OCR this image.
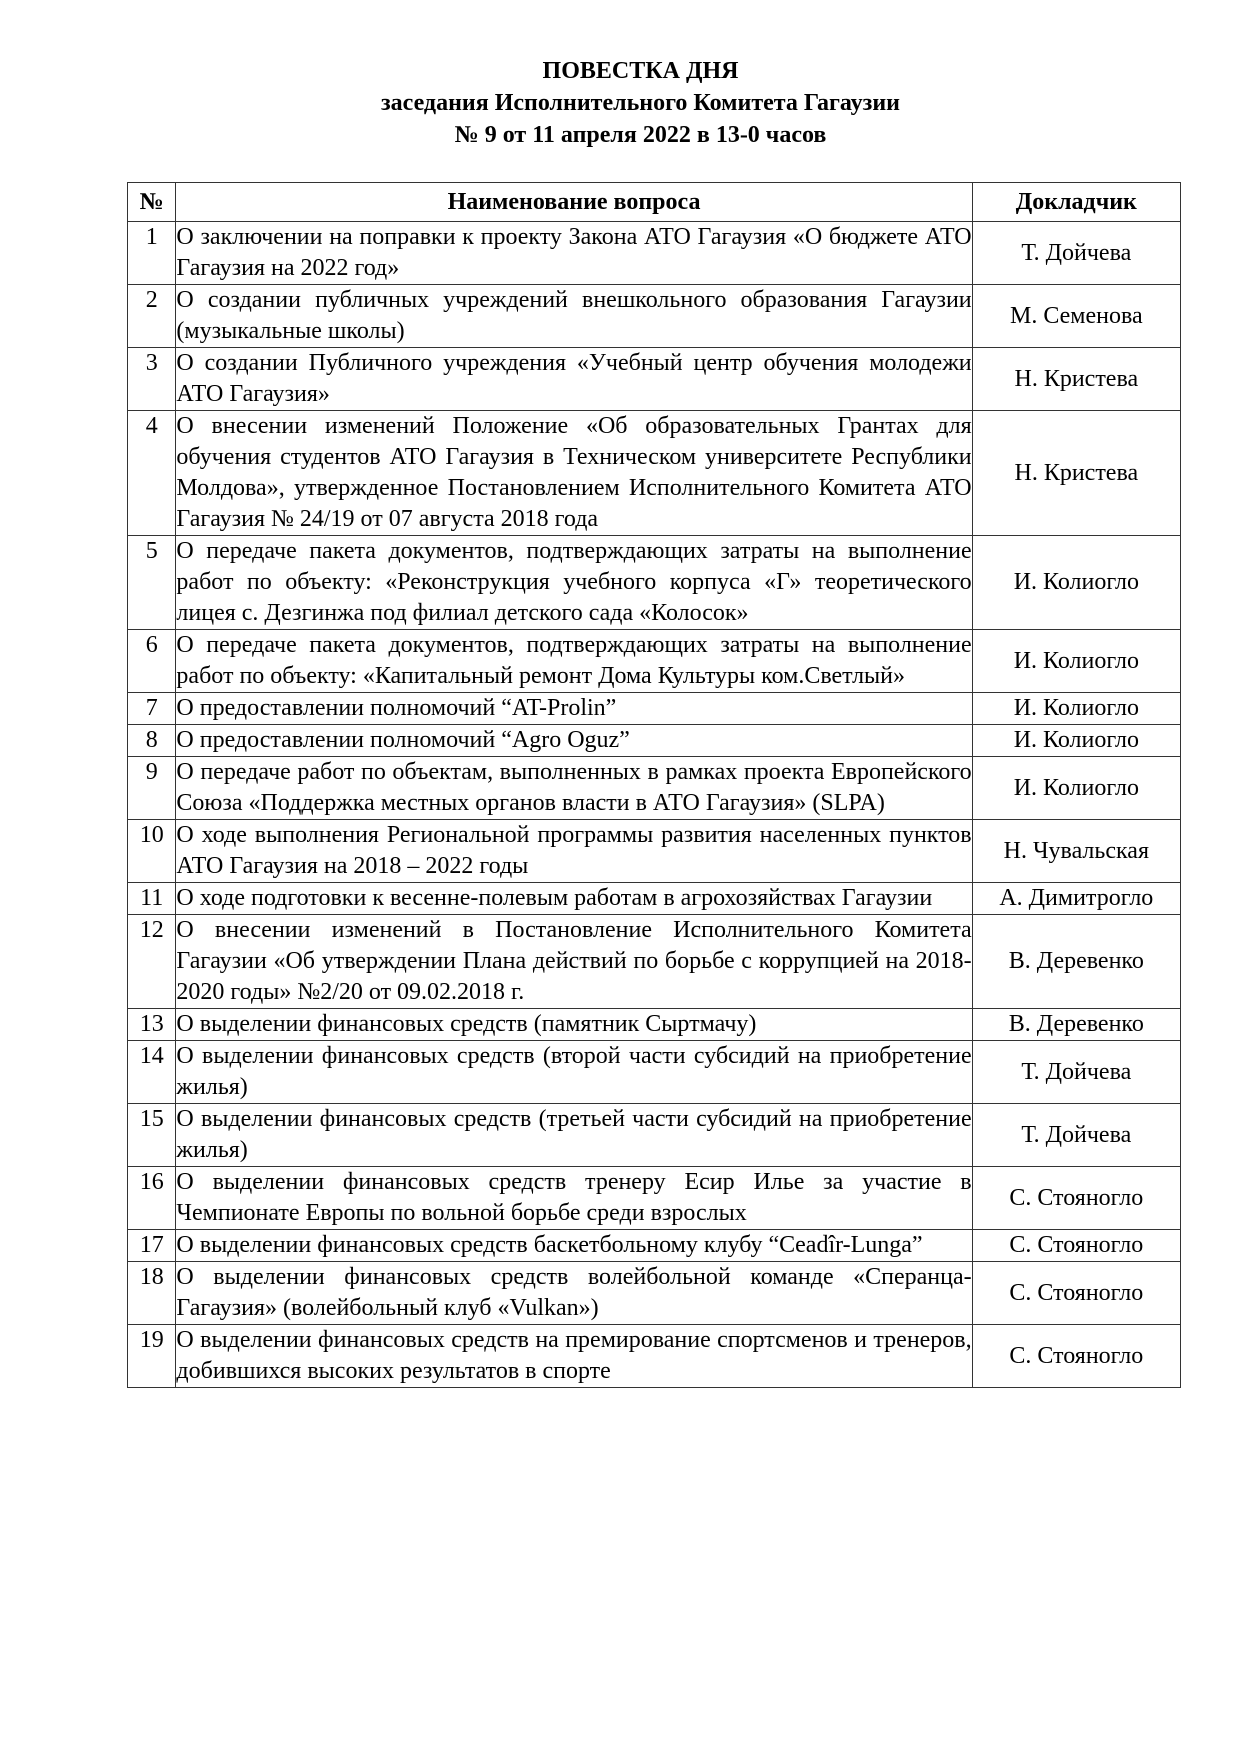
ПОВЕСТКА ДНЯ
заседания Исполнительного Комитета Гагаузии
№ 9 от 11 апреля 2022 в 13-0 часов
№	Наименование вопроса	Докладчик
1	О заключении на поправки к проекту Закона АТО Гагаузия «О бюджете АТО Гагаузия на 2022 год»	Т. Дойчева
2	О создании публичных учреждений внешкольного образования Гагаузии (музыкальные школы)	М. Семенова
3	О создании Публичного учреждения «Учебный центр обучения молодежи АТО Гагаузия»	Н. Кристева
4	О внесении изменений Положение «Об образовательных Грантах для обучения студентов АТО Гагаузия в Техническом университете Республики Молдова», утвержденное Постановлением Исполнительного Комитета АТО Гагаузия № 24/19 от 07 августа 2018 года	Н. Кристева
5	О передаче пакета документов, подтверждающих затраты на выполнение работ по объекту: «Реконструкция учебного корпуса «Г» теоретического лицея с. Дезгинжа под филиал детского сада «Колосок»	И. Колиогло
6	О передаче пакета документов, подтверждающих затраты на выполнение работ по объекту: «Капитальный ремонт Дома Культуры ком.Светлый»	И. Колиогло
7	О предоставлении полномочий “AT-Prolin”	И. Колиогло
8	О предоставлении полномочий “Agro Oguz”	И. Колиогло
9	О передаче работ по объектам, выполненных в рамках проекта Европейского Союза «Поддержка местных органов власти в АТО Гагаузия» (SLPA)	И. Колиогло
10	О ходе выполнения Региональной программы развития населенных пунктов АТО Гагаузия на 2018 – 2022 годы	Н. Чувальская
11	О ходе подготовки к весенне-полевым работам в агрохозяйствах Гагаузии	А. Димитрогло
12	О внесении изменений в Постановление Исполнительного Комитета Гагаузии «Об утверждении Плана действий по борьбе с коррупцией на 2018-2020 годы» №2/20 от 09.02.2018 г.	В. Деревенко
13	О выделении финансовых средств (памятник Сыртмачу)	В. Деревенко
14	О выделении финансовых средств (второй части субсидий на приобретение жилья)	Т. Дойчева
15	О выделении финансовых средств (третьей части субсидий на приобретение жилья)	Т. Дойчева
16	О выделении финансовых средств тренеру Есир Илье за участие в Чемпионате Европы по вольной борьбе среди взрослых	С. Стояногло
17	О выделении финансовых средств баскетбольному клубу “Ceadîr-Lunga”	С. Стояногло
18	О выделении финансовых средств волейбольной команде «Сперанца-Гагаузия» (волейбольный клуб «Vulkan»)	С. Стояногло
19	О выделении финансовых средств на премирование спортсменов и тренеров, добившихся высоких результатов в спорте	С. Стояногло
